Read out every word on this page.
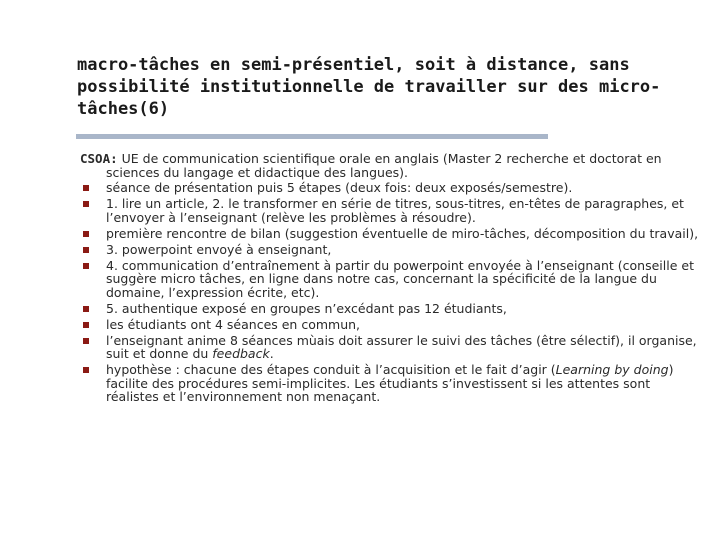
macro-tâches en semi-présentiel, soit à distance, sans possibilité institutionnelle de travailler sur des micro-tâches(6)
CSOA: UE de communication scientifique orale en anglais (Master 2 recherche et doctorat en sciences du langage et didactique des langues).
séance de présentation puis 5 étapes (deux fois: deux exposés/semestre).
1. lire un article, 2. le transformer en série de titres, sous-titres, en-têtes de paragraphes, et l’envoyer à l’enseignant (relève les problèmes à résoudre).
première rencontre de bilan (suggestion éventuelle de miro-tâches, décomposition du travail),
3. powerpoint envoyé à enseignant,
4. communication d’entraînement à partir du powerpoint envoyée à l’enseignant (conseille et suggère micro tâches, en ligne dans notre cas, concernant la spécificité de la langue du domaine, l’expression écrite, etc).
5. authentique exposé en groupes n’excédant pas 12 étudiants,
les étudiants ont 4 séances en commun,
l’enseignant anime 8 séances mùais doit assurer le suivi des tâches (être sélectif), il organise, suit et donne du feedback.
hypothèse : chacune des étapes conduit à l’acquisition et le fait d’agir (Learning by doing) facilite des procédures semi-implicites. Les étudiants s’investissent si les attentes sont réalistes et l’environnement non menaçant.
